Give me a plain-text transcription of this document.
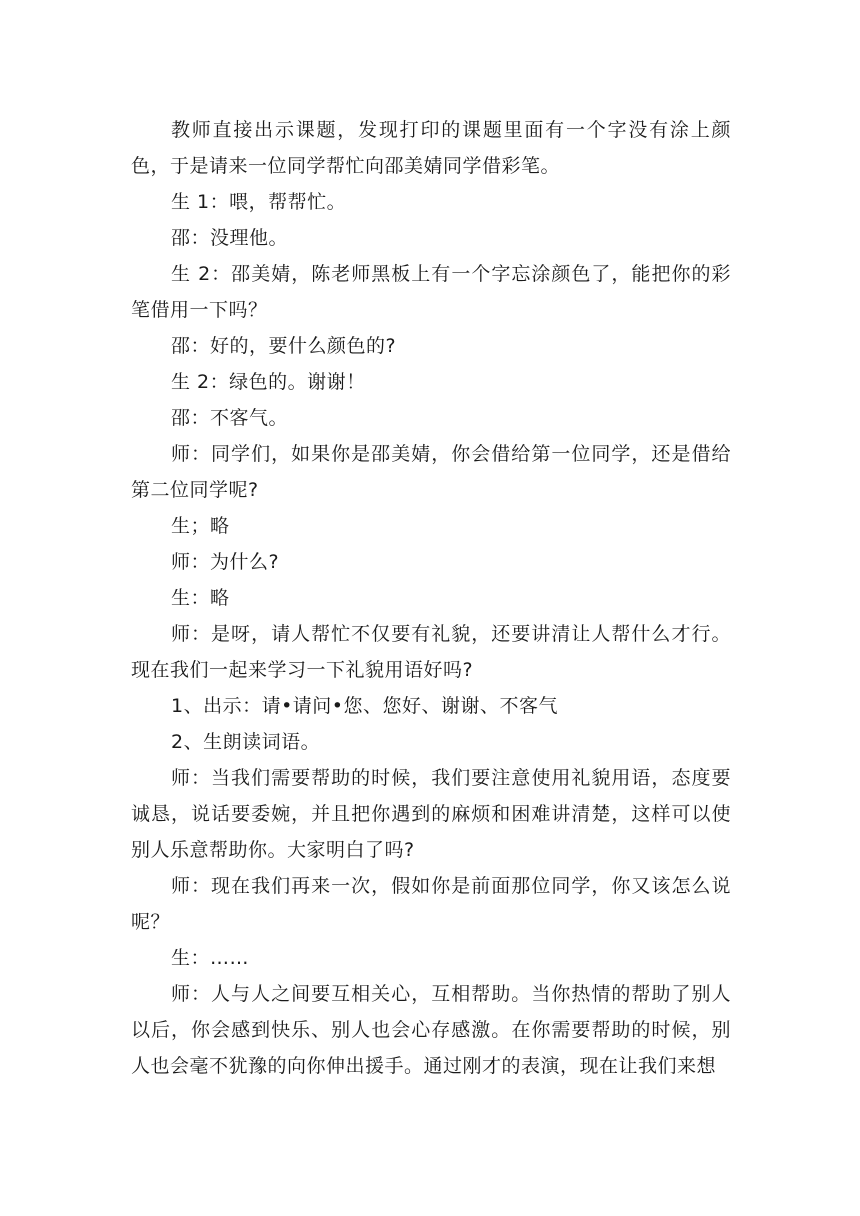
教师直接出示课题，发现打印的课题里面有一个字没有涂上颜色，于是请来一位同学帮忙向邵美婧同学借彩笔。

生 1：喂，帮帮忙。

邵：没理他。

生 2：邵美婧，陈老师黑板上有一个字忘涂颜色了，能把你的彩笔借用一下吗？

邵：好的，要什么颜色的?

生 2：绿色的。谢谢！

邵：不客气。

师：同学们，如果你是邵美婧，你会借给第一位同学，还是借给第二位同学呢?

生；略

师：为什么?

生：略

师：是呀，请人帮忙不仅要有礼貌，还要讲清让人帮什么才行。现在我们一起来学习一下礼貌用语好吗?

1、出示：请•请问•您、您好、谢谢、不客气

2、生朗读词语。

师：当我们需要帮助的时候，我们要注意使用礼貌用语，态度要诚恳，说话要委婉，并且把你遇到的麻烦和困难讲清楚，这样可以使别人乐意帮助你。大家明白了吗?

师：现在我们再来一次，假如你是前面那位同学，你又该怎么说呢？

生：……

师：人与人之间要互相关心，互相帮助。当你热情的帮助了别人以后，你会感到快乐、别人也会心存感激。在你需要帮助的时候，别人也会毫不犹豫的向你伸出援手。通过刚才的表演，现在让我们来想
